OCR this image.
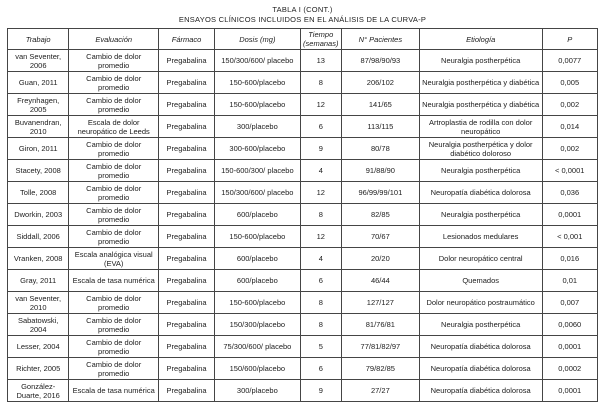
TABLA I (CONT.)
ENSAYOS CLÍNICOS INCLUIDOS EN EL ANÁLISIS DE LA CURVA-P
Trabajo	Evaluación	Fármaco	Dosis (mg)	Tiempo (semanas)	N° Pacientes	Etiología	P
van Seventer, 2006	Cambio de dolor promedio	Pregabalina	150/300/600/ placebo	13	87/98/90/93	Neuralgia postherpética	0,0077
Guan, 2011	Cambio de dolor promedio	Pregabalina	150-600/placebo	8	206/102	Neuralgia postherpética y diabética	0,005
Freynhagen, 2005	Cambio de dolor promedio	Pregabalina	150-600/placebo	12	141/65	Neuralgia postherpética y diabética	0,002
Buvanendran, 2010	Escala de dolor neuropático de Leeds	Pregabalina	300/placebo	6	113/115	Artroplastia de rodilla con dolor neuropático	0,014
Giron, 2011	Cambio de dolor promedio	Pregabalina	300-600/placebo	9	80/78	Neuralgia postherpética y dolor diabético doloroso	0,002
Stacety, 2008	Cambio de dolor promedio	Pregabalina	150-600/300/ placebo	4	91/88/90	Neuralgia postherpética	< 0,0001
Tolle, 2008	Cambio de dolor promedio	Pregabalina	150/300/600/ placebo	12	96/99/99/101	Neuropatía diabética dolorosa	0,036
Dworkin, 2003	Cambio de dolor promedio	Pregabalina	600/placebo	8	82/85	Neuralgia postherpética	0,0001
Siddall, 2006	Cambio de dolor promedio	Pregabalina	150-600/placebo	12	70/67	Lesionados medulares	< 0,001
Vranken, 2008	Escala analógica visual (EVA)	Pregabalina	600/placebo	4	20/20	Dolor neuropático central	0,016
Gray, 2011	Escala de tasa numérica	Pregabalina	600/placebo	6	46/44	Quemados	0,01
van Seventer, 2010	Cambio de dolor promedio	Pregabalina	150-600/placebo	8	127/127	Dolor neuropático postraumático	0,007
Sabatowski, 2004	Cambio de dolor promedio	Pregabalina	150/300/placebo	8	81/76/81	Neuralgia postherpética	0,0060
Lesser, 2004	Cambio de dolor promedio	Pregabalina	75/300/600/ placebo	5	77/81/82/97	Neuropatía diabética dolorosa	0,0001
Richter, 2005	Cambio de dolor promedio	Pregabalina	150/600/placebo	6	79/82/85	Neuropatía diabética dolorosa	0,0002
González-Duarte, 2016	Escala de tasa numérica	Pregabalina	300/placebo	9	27/27	Neuropatía diabética dolorosa	0,0001
